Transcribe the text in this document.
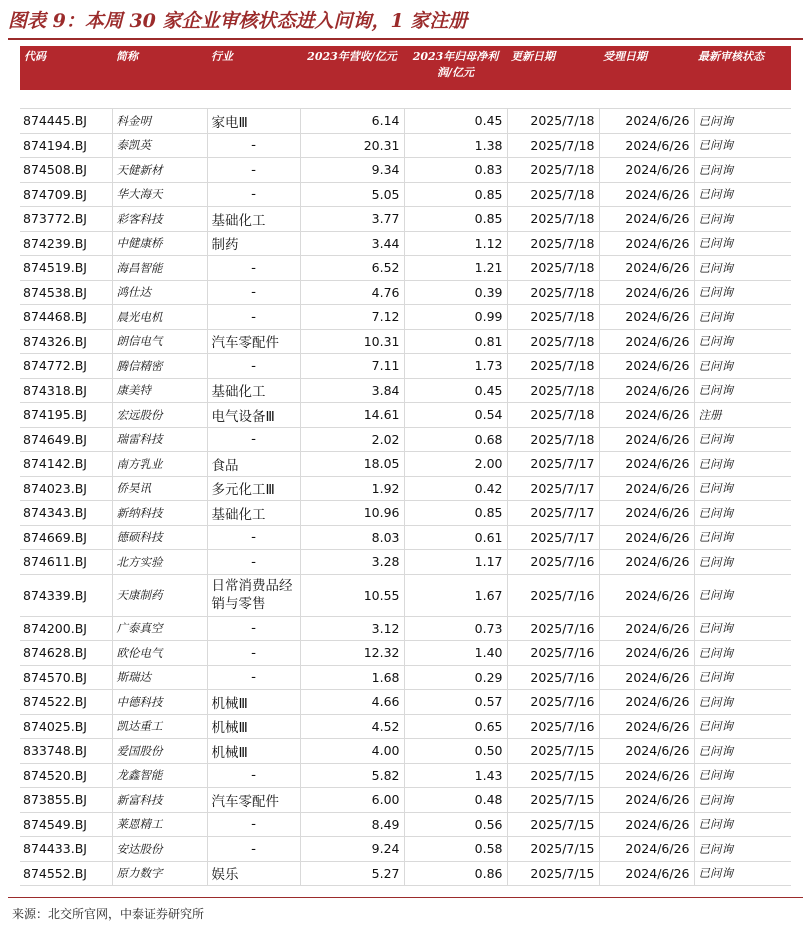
图表 9：本周 30 家企业审核状态进入问询，1 家注册
代码	简称	行业	2023年营收/亿元	2023年归母净利润/亿元	更新日期	受理日期	最新审核状态

874445.BJ	科金明	家电Ⅲ	6.14	0.45	2025/7/18	2024/6/26	已问询
874194.BJ	泰凯英	-	20.31	1.38	2025/7/18	2024/6/26	已问询
874508.BJ	天健新材	-	9.34	0.83	2025/7/18	2024/6/26	已问询
874709.BJ	华大海天	-	5.05	0.85	2025/7/18	2024/6/26	已问询
873772.BJ	彩客科技	基础化工	3.77	0.85	2025/7/18	2024/6/26	已问询
874239.BJ	中健康桥	制药	3.44	1.12	2025/7/18	2024/6/26	已问询
874519.BJ	海昌智能	-	6.52	1.21	2025/7/18	2024/6/26	已问询
874538.BJ	鸿仕达	-	4.76	0.39	2025/7/18	2024/6/26	已问询
874468.BJ	晨光电机	-	7.12	0.99	2025/7/18	2024/6/26	已问询
874326.BJ	朗信电气	汽车零配件	10.31	0.81	2025/7/18	2024/6/26	已问询
874772.BJ	腾信精密	-	7.11	1.73	2025/7/18	2024/6/26	已问询
874318.BJ	康美特	基础化工	3.84	0.45	2025/7/18	2024/6/26	已问询
874195.BJ	宏远股份	电气设备Ⅲ	14.61	0.54	2025/7/18	2024/6/26	注册
874649.BJ	瑞雷科技	-	2.02	0.68	2025/7/18	2024/6/26	已问询
874142.BJ	南方乳业	食品	18.05	2.00	2025/7/17	2024/6/26	已问询
874023.BJ	侨昊讯	多元化工Ⅲ	1.92	0.42	2025/7/17	2024/6/26	已问询
874343.BJ	新纳科技	基础化工	10.96	0.85	2025/7/17	2024/6/26	已问询
874669.BJ	德硕科技	-	8.03	0.61	2025/7/17	2024/6/26	已问询
874611.BJ	北方实验	-	3.28	1.17	2025/7/16	2024/6/26	已问询
874339.BJ	天康制药	日常消费品经销与零售	10.55	1.67	2025/7/16	2024/6/26	已问询
874200.BJ	广泰真空	-	3.12	0.73	2025/7/16	2024/6/26	已问询
874628.BJ	欧伦电气	-	12.32	1.40	2025/7/16	2024/6/26	已问询
874570.BJ	斯瑞达	-	1.68	0.29	2025/7/16	2024/6/26	已问询
874522.BJ	中德科技	机械Ⅲ	4.66	0.57	2025/7/16	2024/6/26	已问询
874025.BJ	凯达重工	机械Ⅲ	4.52	0.65	2025/7/16	2024/6/26	已问询
833748.BJ	爱国股份	机械Ⅲ	4.00	0.50	2025/7/15	2024/6/26	已问询
874520.BJ	龙鑫智能	-	5.82	1.43	2025/7/15	2024/6/26	已问询
873855.BJ	新富科技	汽车零配件	6.00	0.48	2025/7/15	2024/6/26	已问询
874549.BJ	莱恩精工	-	8.49	0.56	2025/7/15	2024/6/26	已问询
874433.BJ	安达股份	-	9.24	0.58	2025/7/15	2024/6/26	已问询
874552.BJ	原力数字	娱乐	5.27	0.86	2025/7/15	2024/6/26	已问询
来源：北交所官网，中泰证券研究所
